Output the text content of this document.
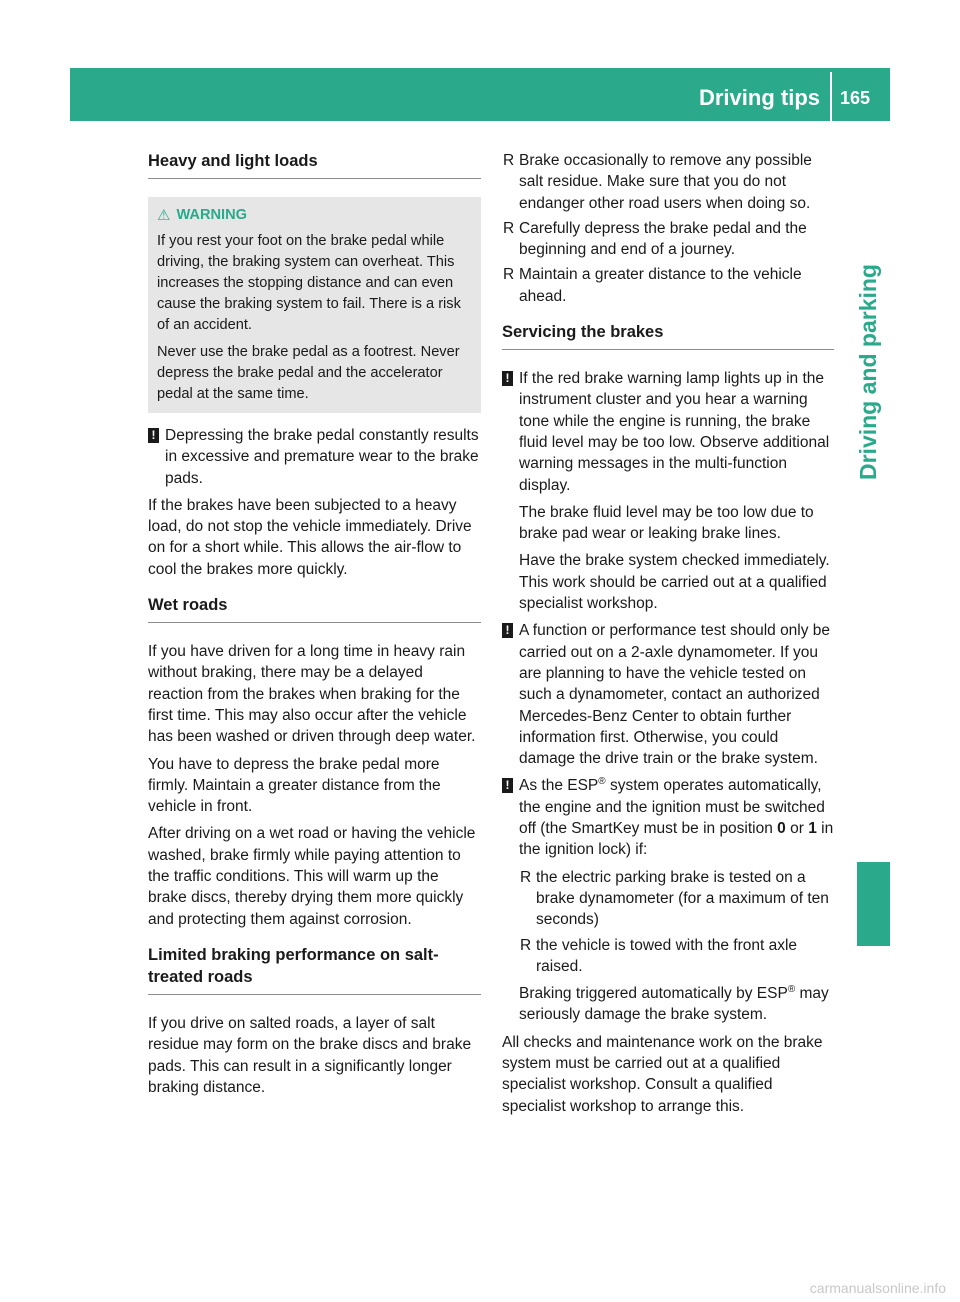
Driving tips 165
Driving and parking
Heavy and light loads
⚠ WARNING

If you rest your foot on the brake pedal while driving, the braking system can overheat. This increases the stopping distance and can even cause the braking system to fail. There is a risk of an accident.

Never use the brake pedal as a footrest. Never depress the brake pedal and the accelerator pedal at the same time.

! Depressing the brake pedal constantly results in excessive and premature wear to the brake pads.

If the brakes have been subjected to a heavy load, do not stop the vehicle immediately. Drive on for a short while. This allows the air-flow to cool the brakes more quickly.

Wet roads

If you have driven for a long time in heavy rain without braking, there may be a delayed reaction from the brakes when braking for the first time. This may also occur after the vehicle has been washed or driven through deep water.

You have to depress the brake pedal more firmly. Maintain a greater distance from the vehicle in front.

After driving on a wet road or having the vehicle washed, brake firmly while paying attention to the traffic conditions. This will warm up the brake discs, thereby drying them more quickly and protecting them against corrosion.

Limited braking performance on salt-treated roads

If you drive on salted roads, a layer of salt residue may form on the brake discs and brake pads. This can result in a significantly longer braking distance.

R Brake occasionally to remove any possible salt residue. Make sure that you do not endanger other road users when doing so.
R Carefully depress the brake pedal and the beginning and end of a journey.
R Maintain a greater distance to the vehicle ahead.
Servicing the brakes
! If the red brake warning lamp lights up in the instrument cluster and you hear a warning tone while the engine is running, the brake fluid level may be too low. Observe additional warning messages in the multi-function display.

The brake fluid level may be too low due to brake pad wear or leaking brake lines.

Have the brake system checked immediately. This work should be carried out at a qualified specialist workshop.

! A function or performance test should only be carried out on a 2-axle dynamometer. If you are planning to have the vehicle tested on such a dynamometer, contact an authorized Mercedes-Benz Center to obtain further information first. Otherwise, you could damage the drive train or the brake system.

! As the ESP® system operates automatically, the engine and the ignition must be switched off (the SmartKey must be in position 0 or 1 in the ignition lock) if:

R the electric parking brake is tested on a brake dynamometer (for a maximum of ten seconds)
R the vehicle is towed with the front axle raised.

Braking triggered automatically by ESP® may seriously damage the brake system.

All checks and maintenance work on the brake system must be carried out at a qualified specialist workshop. Consult a qualified specialist workshop to arrange this.

carmanualsonline.info
